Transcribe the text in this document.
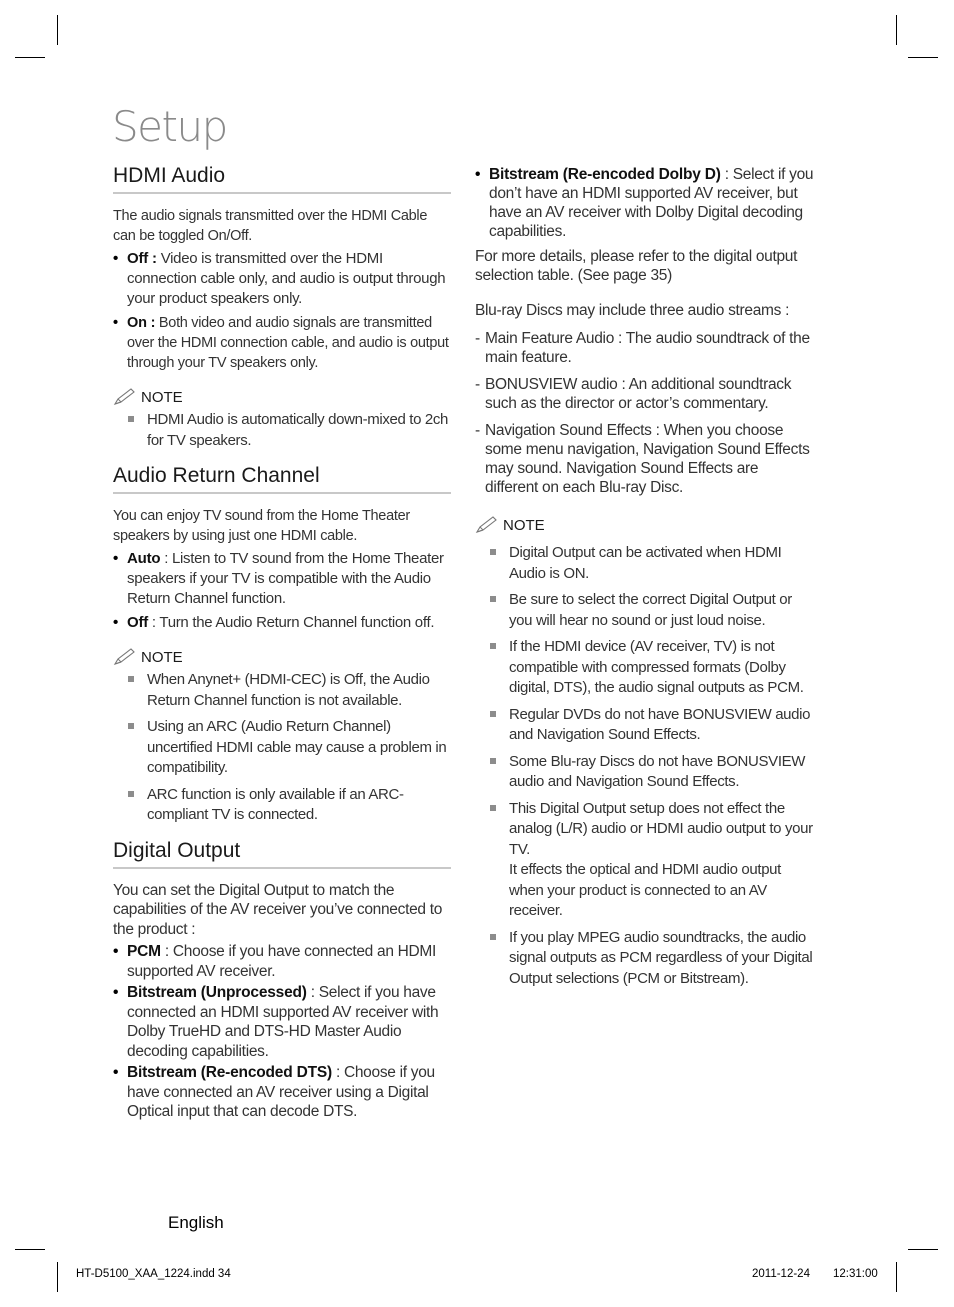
Setup
HDMI Audio

The audio signals transmitted over the HDMI Cable can be toggled On/Off.

• Off : Video is transmitted over the HDMI connection cable only, and audio is output through your product speakers only.
• On : Both video and audio signals are transmitted over the HDMI connection cable, and audio is output through your TV speakers only.
NOTE
HDMI Audio is automatically down-mixed to 2ch for TV speakers.
Audio Return Channel

You can enjoy TV sound from the Home Theater speakers by using just one HDMI cable.

• Auto : Listen to TV sound from the Home Theater speakers if your TV is compatible with the Audio Return Channel function.
• Off : Turn the Audio Return Channel function off.
NOTE
When Anynet+ (HDMI-CEC) is Off, the Audio Return Channel function is not available.
Using an ARC (Audio Return Channel) uncertified HDMI cable may cause a problem in compatibility.
ARC function is only available if an ARC-compliant TV is connected.
Digital Output

You can set the Digital Output to match the capabilities of the AV receiver you’ve connected to the product :

• PCM : Choose if you have connected an HDMI supported AV receiver.
• Bitstream (Unprocessed) : Select if you have connected an HDMI supported AV receiver with Dolby TrueHD and DTS-HD Master Audio decoding capabilities.
• Bitstream (Re-encoded DTS) : Choose if you have connected an AV receiver using a Digital Optical input that can decode DTS.
• Bitstream (Re-encoded Dolby D) : Select if you don’t have an HDMI supported AV receiver, but have an AV receiver with Dolby Digital decoding capabilities.

For more details, please refer to the digital output selection table. (See page 35)

Blu-ray Discs may include three audio streams :

- Main Feature Audio : The audio soundtrack of the main feature.
- BONUSVIEW audio : An additional soundtrack such as the director or actor’s commentary.
- Navigation Sound Effects : When you choose some menu navigation, Navigation Sound Effects may sound. Navigation Sound Effects are different on each Blu-ray Disc.
NOTE
Digital Output can be activated when HDMI Audio is ON.
Be sure to select the correct Digital Output or you will hear no sound or just loud noise.
If the HDMI device (AV receiver, TV) is not compatible with compressed formats (Dolby digital, DTS), the audio signal outputs as PCM.
Regular DVDs do not have BONUSVIEW audio and Navigation Sound Effects.
Some Blu-ray Discs do not have BONUSVIEW audio and Navigation Sound Effects.
This Digital Output setup does not effect the analog (L/R) audio or HDMI audio output to your TV.
It effects the optical and HDMI audio output when your product is connected to an AV receiver.
If you play MPEG audio soundtracks, the audio signal outputs as PCM regardless of your Digital Output selections (PCM or Bitstream).
English
HT-D5100_XAA_1224.indd 34	2011-12-24 12:31:00
